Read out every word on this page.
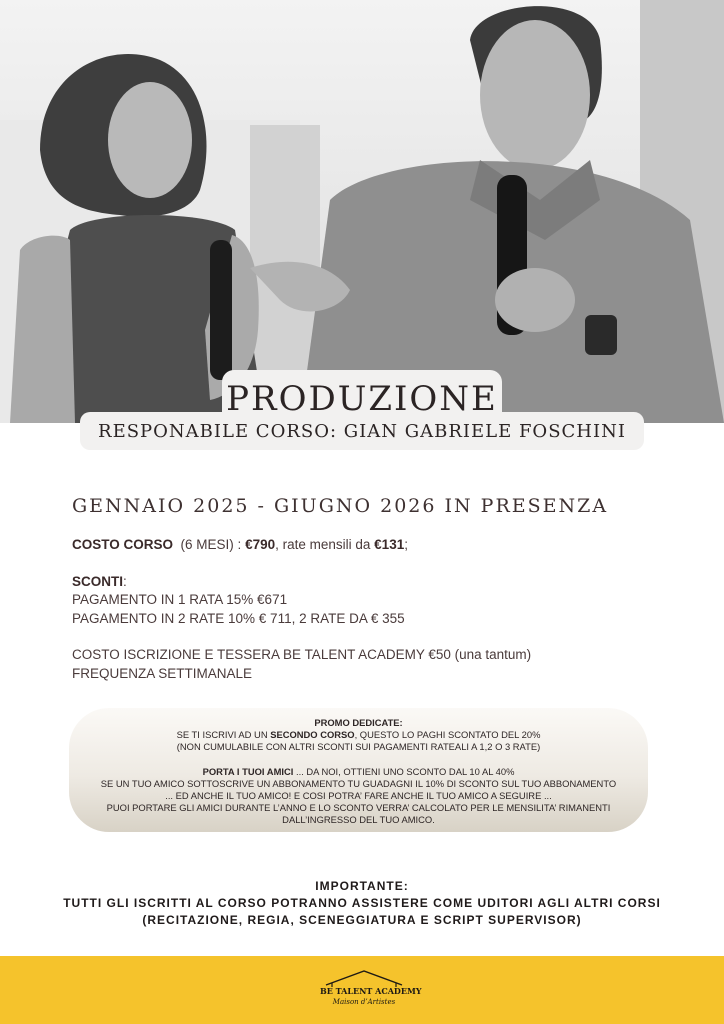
PRODUZIONE
RESPONABILE CORSO: GIAN GABRIELE FOSCHINI
GENNAIO 2025 - GIUGNO 2026 IN PRESENZA
COSTO CORSO (6 MESI) : €790, rate mensili da €131;
SCONTI:
PAGAMENTO IN 1 RATA 15% €671
PAGAMENTO IN 2 RATE 10% € 711, 2 RATE DA € 355
COSTO ISCRIZIONE E TESSERA BE TALENT ACADEMY €50 (una tantum)
FREQUENZA SETTIMANALE
PROMO DEDICATE:
SE TI ISCRIVI AD UN SECONDO CORSO, QUESTO LO PAGHI SCONTATO DEL 20%
(NON CUMULABILE CON ALTRI SCONTI SUI PAGAMENTI RATEALI A 1,2 O 3 RATE)
PORTA I TUOI AMICI ... DA NOI, OTTIENI UNO SCONTO DAL 10 AL 40%
SE UN TUO AMICO SOTTOSCRIVE UN ABBONAMENTO TU GUADAGNI IL 10% DI SCONTO SUL TUO ABBONAMENTO
... ED ANCHE IL TUO AMICO! E COSI POTRA’ FARE ANCHE IL TUO AMICO A SEGUIRE ...
PUOI PORTARE GLI AMICI DURANTE L’ANNO E LO SCONTO VERRA’ CALCOLATO PER LE MENSILITA’ RIMANENTI
DALL’INGRESSO DEL TUO AMICO.
IMPORTANTE:
TUTTI GLI ISCRITTI AL CORSO POTRANNO ASSISTERE COME UDITORI AGLI ALTRI CORSI
(RECITAZIONE, REGIA, SCENEGGIATURA E SCRIPT SUPERVISOR)
BE TALENT ACADEMY
Maison d’Artistes
